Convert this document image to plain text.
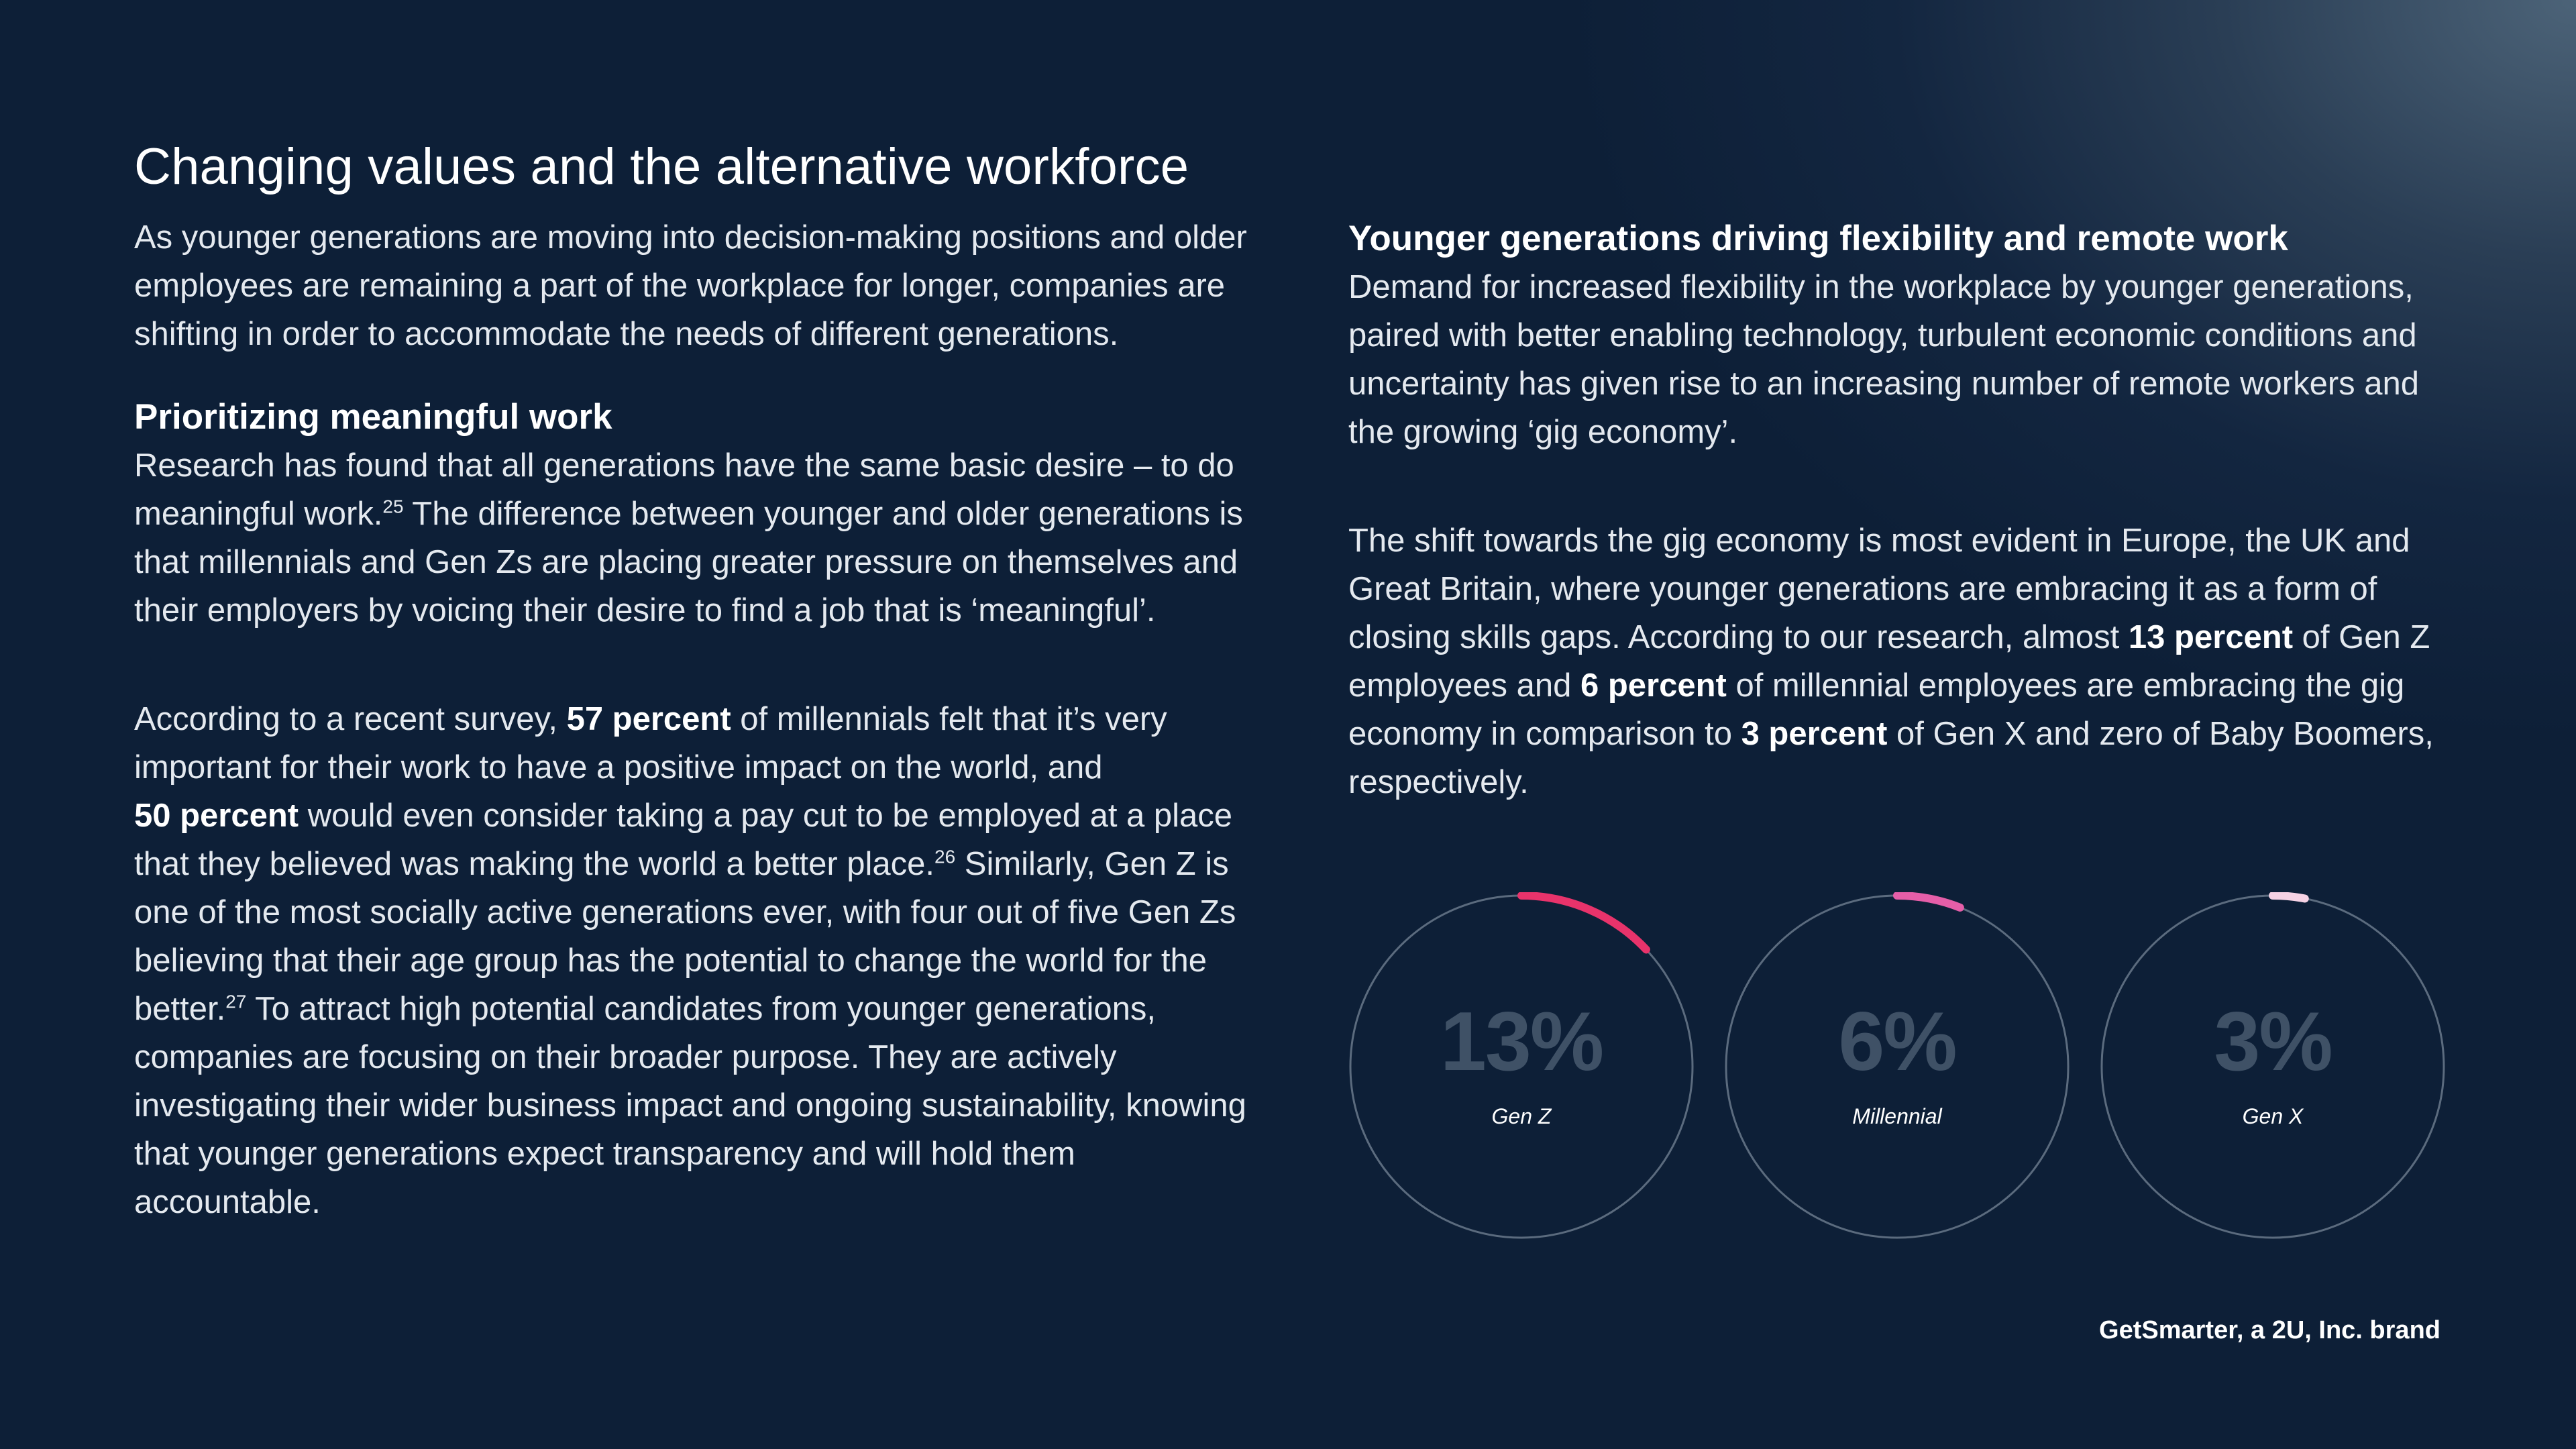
Changing values and the alternative workforce

As younger generations are moving into decision-making positions and older employees are remaining a part of the workplace for longer, companies are shifting in order to accommodate the needs of different generations.

Prioritizing meaningful work

Research has found that all generations have the same basic desire – to do meaningful work.$^{25}$ The difference between younger and older generations is that millennials and Gen Zs are placing greater pressure on themselves and their employers by voicing their desire to find a job that is ‘meaningful’.

According to a recent survey, 57 percent of millennials felt that it’s very important for their work to have a positive impact on the world, and
50 percent would even consider taking a pay cut to be employed at a place that they believed was making the world a better place.$^{26}$ Similarly, Gen Z is one of the most socially active generations ever, with four out of five Gen Zs believing that their age group has the potential to change the world for the better.$^{27}$ To attract high potential candidates from younger generations, companies are focusing on their broader purpose. They are actively investigating their wider business impact and ongoing sustainability, knowing that younger generations expect transparency and will hold them accountable.

Younger generations driving flexibility and remote work

Demand for increased flexibility in the workplace by younger generations, paired with better enabling technology, turbulent economic conditions and uncertainty has given rise to an increasing number of remote workers and the growing ‘gig economy’.

The shift towards the gig economy is most evident in Europe, the UK and Great Britain, where younger generations are embracing it as a form of closing skills gaps. According to our research, almost 13 percent of Gen Z employees and 6 percent of millennial employees are embracing the gig economy in comparison to 3 percent of Gen X and zero of Baby Boomers, respectively.

13%
Gen Z
6%
Millennial
3%
Gen X
GetSmarter, a 2U, Inc. brand
